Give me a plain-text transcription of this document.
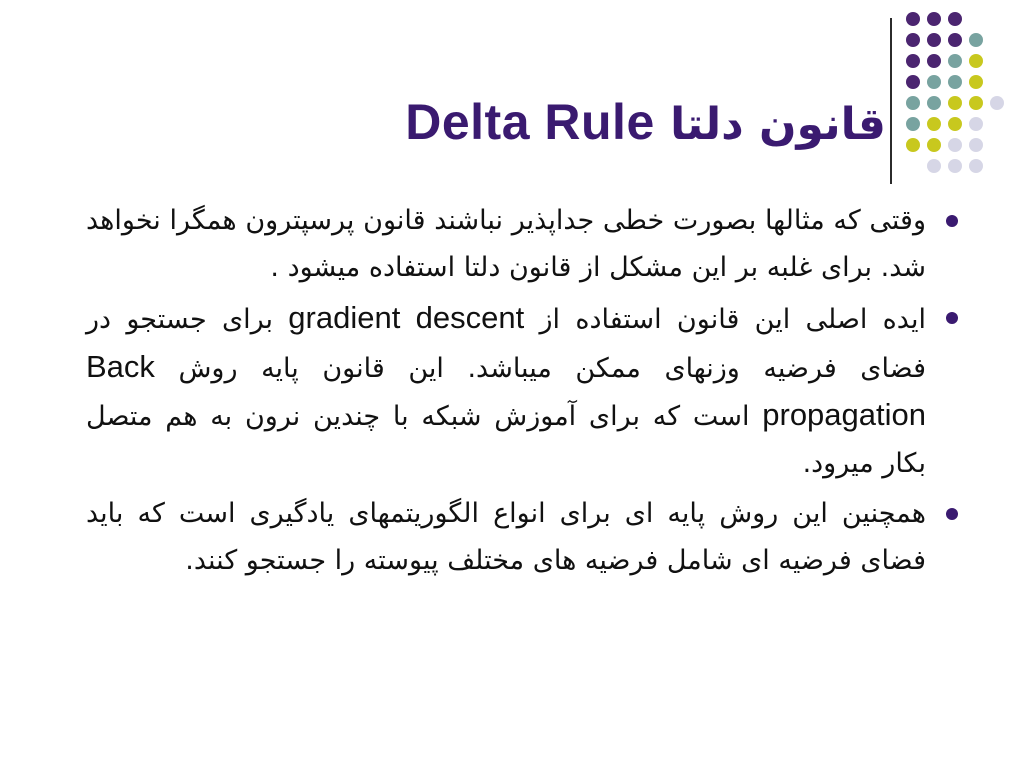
قانون دلتا Delta Rule
وقتی که مثالها بصورت خطی جداپذیر نباشند قانون پرسپترون همگرا نخواهد شد. برای غلبه بر این مشکل از قانون دلتا استفاده میشود .
ایده اصلی این قانون استفاده از gradient descent برای جستجو در فضای فرضیه وزنهای ممکن میباشد. این قانون پایه روش Back propagation است که برای آموزش شبکه با چندین نرون به هم متصل بکار میرود.
همچنین این روش پایه ای برای انواع الگوریتمهای یادگیری است که باید فضای فرضیه ای شامل فرضیه های مختلف پیوسته را جستجو کنند.
